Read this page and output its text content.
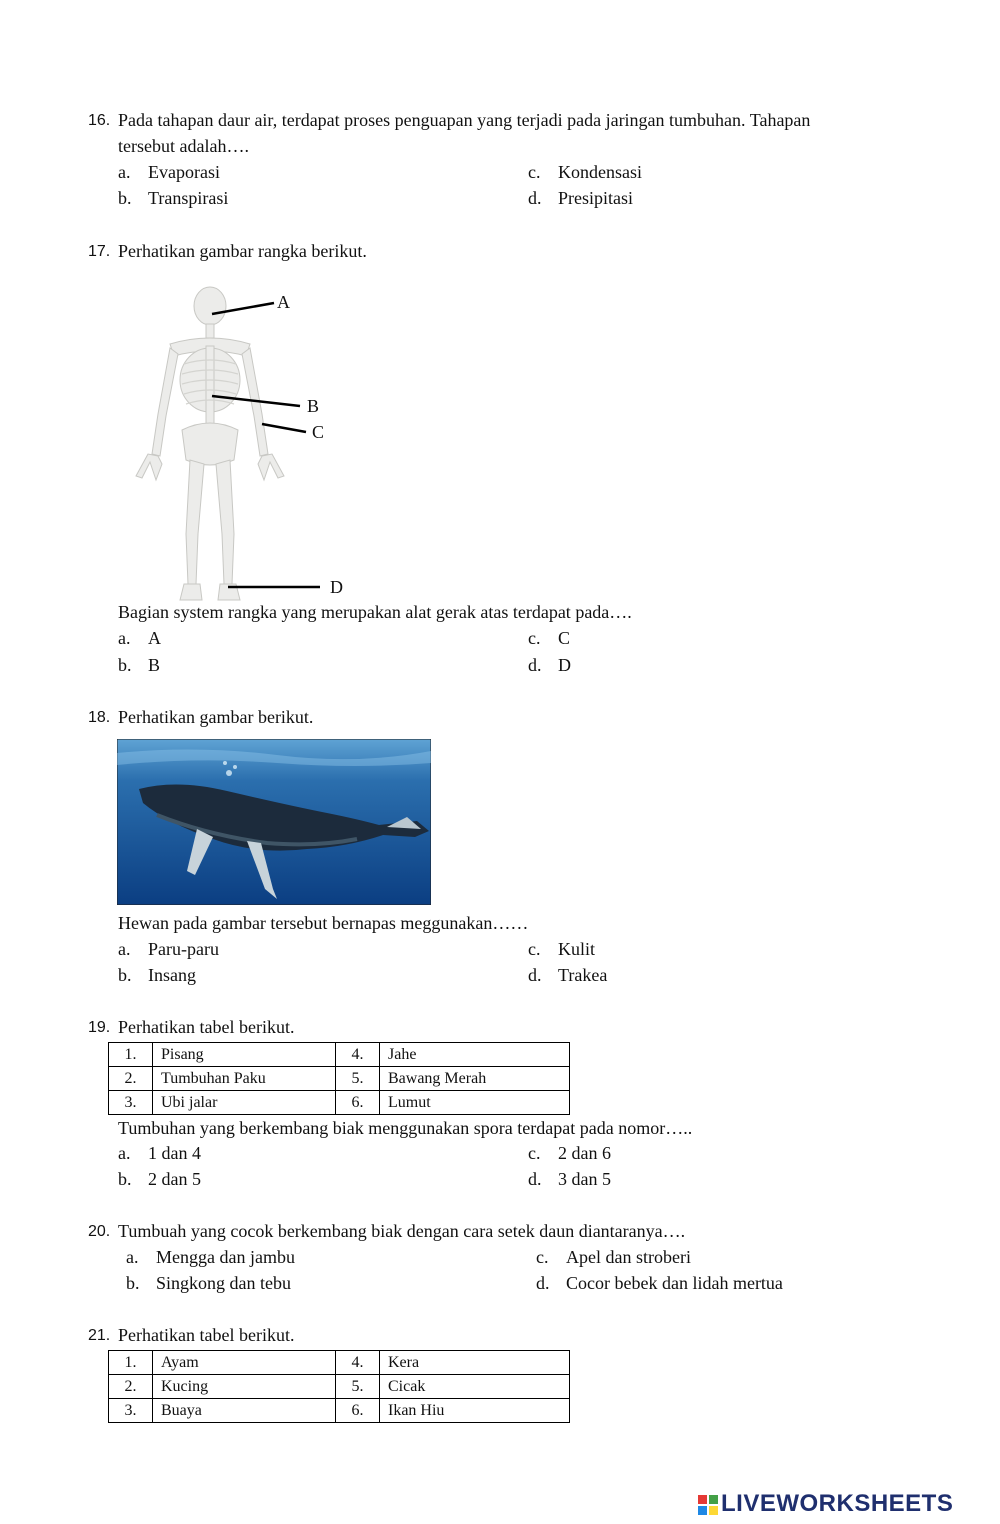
16. Pada tahapan daur air, terdapat proses penguapan yang terjadi pada jaringan tumbuhan. Tahapan
tersebut adalah….
a. Evaporasi
b. Transpirasi
c. Kondensasi
d. Presipitasi
17. Perhatikan gambar rangka berikut.
A
B
C
D
Bagian system rangka yang merupakan alat gerak atas terdapat pada….
a. A
b. B
c. C
d. D
18. Perhatikan gambar berikut.
Hewan pada gambar tersebut bernapas meggunakan……
a. Paru-paru
b. Insang
c. Kulit
d. Trakea
19. Perhatikan tabel berikut.
1.	Pisang	4.	Jahe
2.	Tumbuhan Paku	5.	Bawang Merah
3.	Ubi jalar	6.	Lumut
Tumbuhan yang berkembang biak menggunakan spora terdapat pada nomor…..
a. 1 dan 4
b. 2 dan 5
c. 2 dan 6
d. 3 dan 5
20. Tumbuah yang cocok berkembang biak dengan cara setek daun diantaranya….
a. Mengga dan jambu
b. Singkong dan tebu
c. Apel dan stroberi
d. Cocor bebek dan lidah mertua
21. Perhatikan tabel berikut.
1.	Ayam	4.	Kera
2.	Kucing	5.	Cicak
3.	Buaya	6.	Ikan Hiu
LIVEWORKSHEETS
